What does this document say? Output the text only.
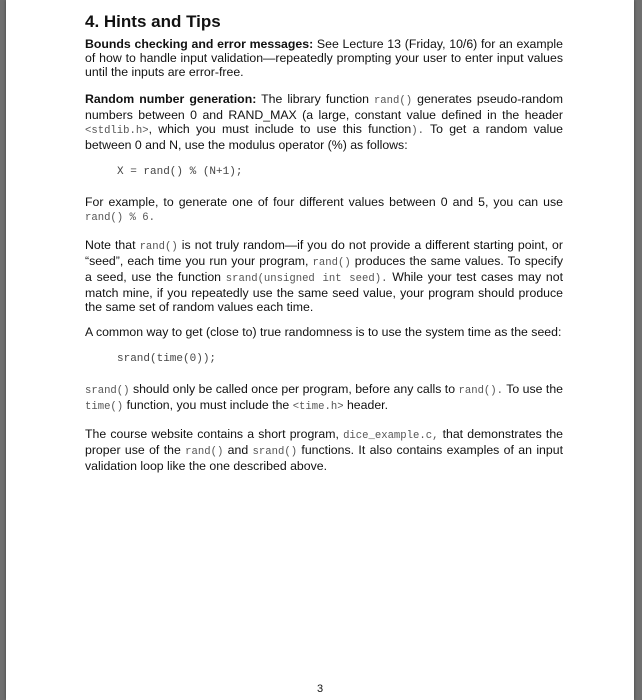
4. Hints and Tips

Bounds checking and error messages: See Lecture 13 (Friday, 10/6) for an example of how to handle input validation—repeatedly prompting your user to enter input values until the inputs are error-free.

Random number generation: The library function rand() generates pseudo-random numbers between 0 and RAND_MAX (a large, constant value defined in the header <stdlib.h>, which you must include to use this function). To get a random value between 0 and N, use the modulus operator (%) as follows:

X = rand() % (N+1);

For example, to generate one of four different values between 0 and 5, you can use rand() % 6.

Note that rand() is not truly random—if you do not provide a different starting point, or “seed”, each time you run your program, rand() produces the same values. To specify a seed, use the function srand(unsigned int seed). While your test cases may not match mine, if you repeatedly use the same seed value, your program should produce the same set of random values each time.

A common way to get (close to) true randomness is to use the system time as the seed:

srand(time(0));

srand() should only be called once per program, before any calls to rand(). To use the time() function, you must include the <time.h> header.

The course website contains a short program, dice_example.c, that demonstrates the proper use of the rand() and srand() functions. It also contains examples of an input validation loop like the one described above.

3
